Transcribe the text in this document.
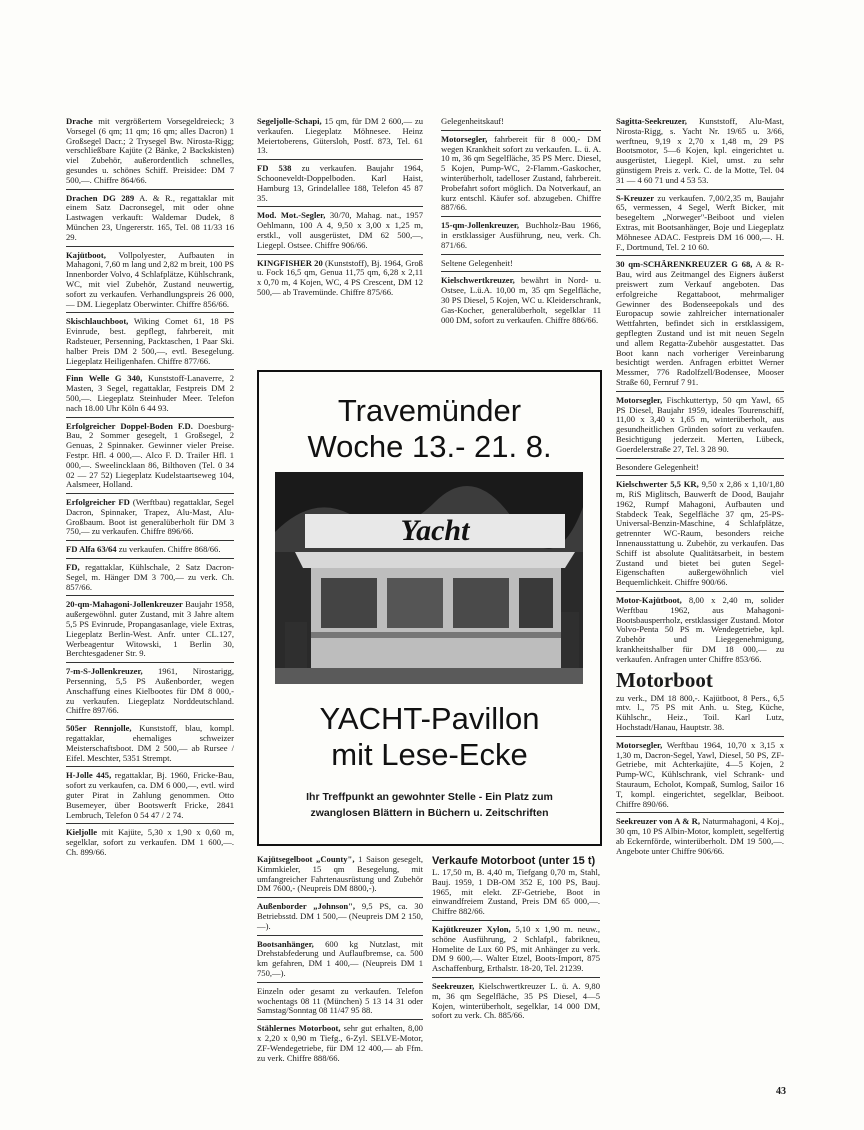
Drache mit vergrößertem Vorsegeldreieck; 3 Vorsegel (6 qm; 11 qm; 16 qm; alles Dacron) 1 Großsegel Dacr.; 2 Trysegel Bw. Nirosta-Rigg; verschließbare Kajüte (2 Bänke, 2 Backskisten) viel Zubehör, außerordentlich schnelles, gesundes u. schönes Schiff. Preisidee: DM 7 500,—. Chiffre 864/66.
Drachen DG 289 A. & R., regattaklar mit einem Satz Dacronsegel, mit oder ohne Lastwagen verkauft: Waldemar Dudek, 8 München 23, Ungererstr. 165, Tel. 08 11/33 16 29.
Kajütboot, Vollpolyester, Aufbauten in Mahagoni, 7,60 m lang und 2,82 m breit, 100 PS Innenborder Volvo, 4 Schlafplätze, Kühlschrank, WC, mit viel Zubehör, Zustand neuwertig, sofort zu verkaufen. Verhandlungspreis 26 000,— DM. Liegeplatz Oberwinter. Chiffre 856/66.
Skischlauchboot, Wiking Comet 61, 18 PS Evinrude, best. gepflegt, fahrbereit, mit Radsteuer, Persenning, Packtaschen, 1 Paar Ski. halber Preis DM 2 500,—, evtl. Besegelung. Liegeplatz Heiligenhafen. Chiffre 877/66.
Finn Welle G 340, Kunststoff-Lanaverre, 2 Masten, 3 Segel, regattaklar, Festpreis DM 2 500,—. Liegeplatz Steinhuder Meer. Telefon nach 18.00 Uhr Köln 6 44 93.
Erfolgreicher Doppel-Boden F.D. Doesburg-Bau, 2 Sommer gesegelt, 1 Großsegel, 2 Genuas, 2 Spinnaker. Gewinner vieler Preise. Festpr. Hfl. 4 000,—. Alco F. D. Trailer Hfl. 1 000,—. Sweelincklaan 86, Bilthoven (Tel. 0 34 02 — 27 52) Liegeplatz Kudelstaartseweg 104, Aalsmeer, Holland.
Erfolgreicher FD (Werftbau) regattaklar, Segel Dacron, Spinnaker, Trapez, Alu-Mast, Alu-Großbaum. Boot ist generalüberholt für DM 3 750,— zu verkaufen. Chiffre 896/66.
FD Alfa 63/64 zu verkaufen. Chiffre 868/66.
FD, regattaklar, Kühlschale, 2 Satz Dacron-Segel, m. Hänger DM 3 700,— zu verk. Ch. 857/66.
20-qm-Mahagoni-Jollenkreuzer Baujahr 1958, außergewöhnl. guter Zustand, mit 3 Jahre altem 5,5 PS Evinrude, Propangasanlage, viele Extras, Liegeplatz Berlin-West. Anfr. unter CL.127, Werbeagentur Witowski, 1 Berlin 30, Berchtesgadener Str. 9.
7-m-S-Jollenkreuzer, 1961, Nirostarigg, Persenning, 5,5 PS Außenborder, wegen Anschaffung eines Kielbootes für DM 8 000,- zu verkaufen. Liegeplatz Norddeutschland. Chiffre 897/66.
505er Rennjolle, Kunststoff, blau, kompl. regattaklar, ehemaliges schweizer Meisterschaftsboot. DM 2 500,— ab Rursee / Eifel. Meschter, 5351 Strempt.
H-Jolle 445, regattaklar, Bj. 1960, Fricke-Bau, sofort zu verkaufen, ca. DM 6 000,—, evtl. wird guter Pirat in Zahlung genommen. Otto Busemeyer, über Bootswerft Fricke, 2841 Lembruch, Telefon 0 54 47 / 2 74.
Kieljolle mit Kajüte, 5,30 x 1,90 x 0,60 m, segelklar, sofort zu verkaufen. DM 1 600,—. Ch. 899/66.
Segeljolle-Schapi, 15 qm, für DM 2 600,— zu verkaufen. Liegeplatz Möhnesee. Heinz Meiertoberens, Gütersloh, Postf. 873, Tel. 61 13.
FD 538 zu verkaufen. Baujahr 1964, Schooneveldt-Doppelboden. Karl Haist, Hamburg 13, Grindelallee 188, Telefon 45 87 35.
Mod. Mot.-Segler, 30/70, Mahag. nat., 1957 Oehlmann, 100 A 4, 9,50 x 3,00 x 1,25 m, erstkl., voll ausgerüstet, DM 62 500,—, Liegepl. Ostsee. Chiffre 906/66.
KINGFISHER 20 (Kunststoff), Bj. 1964, Groß u. Fock 16,5 qm, Genua 11,75 qm, 6,28 x 2,11 x 0,70 m, 4 Kojen, WC, 4 PS Crescent, DM 12 500,— ab Travemünde. Chiffre 875/66.
Gelegenheitskauf!
Motorsegler, fahrbereit für 8 000,- DM wegen Krankheit sofort zu verkaufen. L. ü. A. 10 m, 36 qm Segelfläche, 35 PS Merc. Diesel, 5 Kojen, Pump-WC, 2-Flamm.-Gaskocher, winterüberholt, tadelloser Zustand, fahrbereit. Probefahrt sofort möglich. Da Notverkauf, an kurz entschl. Käufer sof. abzugeben. Chiffre 887/66.
15-qm-Jollenkreuzer, Buchholz-Bau 1966, in erstklassiger Ausführung, neu, verk. Ch. 871/66.
Seltene Gelegenheit!
Kielschwertkreuzer, bewährt in Nord- u. Ostsee, L.ü.A. 10,00 m, 35 qm Segelfläche, 30 PS Diesel, 5 Kojen, WC u. Kleiderschrank, Gas-Kocher, generalüberholt, segelklar 11 000 DM, sofort zu verkaufen. Chiffre 886/66.
Sagitta-Seekreuzer, Kunststoff, Alu-Mast, Nirosta-Rigg, s. Yacht Nr. 19/65 u. 3/66, werftneu, 9,19 x 2,70 x 1,48 m, 29 PS Bootsmotor, 5—6 Kojen, kpl. eingerichtet u. ausgerüstet, Liegepl. Kiel, umst. zu sehr günstigem Preis z. verk. C. de la Motte, Tel. 04 31 — 4 60 71 und 4 53 53.
S-Kreuzer zu verkaufen. 7,00/2,35 m, Baujahr 65, vermessen, 4 Segel, Werft Bicker, mit besegeltem „Norweger"-Beiboot und vielen Extras, mit Bootsanhänger, Boje und Liegeplatz Möhnesee ADAC. Festpreis DM 16 000,—. H. F., Dortmund, Tel. 2 10 60.
30 qm-SCHÄRENKREUZER G 68, A & R-Bau, wird aus Zeitmangel des Eigners äußerst preiswert zum Verkauf angeboten. Das erfolgreiche Regattaboot, mehrmaliger Gewinner des Bodenseepokals und des Europacup sowie zahlreicher internationaler Wettfahrten, befindet sich in erstklassigem, gepflegten Zustand und ist mit neuen Segeln und allem Regatta-Zubehör ausgestattet. Das Boot kann nach vorheriger Vereinbarung besichtigt werden. Anfragen erbittet Werner Messmer, 776 Radolfzell/Bodensee, Mooser Straße 60, Fernruf 7 91.
Motorsegler, Fischkuttertyp, 50 qm Yawl, 65 PS Diesel, Baujahr 1959, ideales Tourenschiff, 11,00 x 3,40 x 1,65 m, winterüberholt, aus gesundheitlichen Gründen sofort zu verkaufen. Besichtigung jederzeit. Merten, Lübeck, Goerdelerstraße 27, Tel. 3 28 90.
Besondere Gelegenheit!
Kielschwerter 5,5 KR, 9,50 x 2,86 x 1,10/1,80 m, RiS Miglitsch, Bauwerft de Dood, Baujahr 1962, Rumpf Mahagoni, Aufbauten und Stabdeck Teak, Segelfläche 37 qm, 25-PS-Universal-Benzin-Maschine, 4 Schlafplätze, getrennter WC-Raum, besonders reiche Innenausstattung u. Zubehör, zu verkaufen. Das Schiff ist absolute Qualitätsarbeit, in bestem Zustand und bietet bei guten Segel-Eigenschaften außergewöhnlich viel Bequemlichkeit. Chiffre 900/66.
Motor-Kajütboot, 8,00 x 2,40 m, solider Werftbau 1962, aus Mahagoni-Bootsbausperrholz, erstklassiger Zustand. Motor Volvo-Penta 50 PS m. Wendegetriebe, kpl. Zubehör und Liegegenehmigung, krankheitshalber für DM 18 000,— zu verkaufen. Anfragen unter Chiffre 853/66.
Motorboot
zu verk., DM 18 800,-. Kajütboot, 8 Pers., 6,5 mtv. l., 75 PS mit Anh. u. Steg, Küche, Kühlschr., Heiz., Toil. Karl Lutz, Hochstadt/Hanau, Hauptstr. 38.
Motorsegler, Werftbau 1964, 10,70 x 3,15 x 1,30 m, Dacron-Segel, Yawl, Diesel, 50 PS, ZF-Getriebe, mit Achterkajüte, 4—5 Kojen, 2 Pump-WC, Kühlschrank, viel Schrank- und Stauraum, Echolot, Kompaß, Sumlog, Sailor 16 T, kompl. eingerichtet, segelklar, Beiboot. Chiffre 890/66.
Seekreuzer von A & R, Naturmahagoni, 4 Koj., 30 qm, 10 PS Albin-Motor, komplett, segelfertig ab Eckernförde, winterüberholt. DM 19 500,—. Angebote unter Chiffre 906/66.
Travemünder
Woche 13.- 21. 8.
Yacht
YACHT-Pavillon
mit Lese-Ecke
Ihr Treffpunkt an gewohnter Stelle - Ein Platz zum
zwanglosen Blättern in Büchern u. Zeitschriften
Kajütsegelboot „County", 1 Saison gesegelt, Kimmkieler, 15 qm Besegelung, mit umfangreicher Fahrtenausrüstung und Zubehör DM 7600,- (Neupreis DM 8800,-).
Außenborder „Johnson", 9,5 PS, ca. 30 Betriebsstd. DM 1 500,— (Neupreis DM 2 150,—).
Bootsanhänger, 600 kg Nutzlast, mit Drehstabfederung und Auflaufbremse, ca. 500 km gefahren, DM 1 400,— (Neupreis DM 1 750,—).
Einzeln oder gesamt zu verkaufen. Telefon wochentags 08 11 (München) 5 13 14 31 oder Samstag/Sonntag 08 11/47 95 88.
Stählernes Motorboot, sehr gut erhalten, 8,00 x 2,20 x 0,90 m Tiefg., 6-Zyl. SELVE-Motor, ZF-Wendegetriebe, für DM 12 400,— ab Ffm. zu verk. Chiffre 888/66.
Verkaufe Motorboot (unter 15 t)
L. 17,50 m, B. 4,40 m, Tiefgang 0,70 m, Stahl, Bauj. 1959, 1 DB-OM 352 E, 100 PS, Bauj. 1965, mit elekt. ZF-Getriebe, Boot in einwandfreiem Zustand, Preis DM 65 000,—. Chiffre 882/66.
Kajütkreuzer Xylon, 5,10 x 1,90 m. neuw., schöne Ausführung, 2 Schlafpl., fabrikneu, Homelite de Lux 60 PS, mit Anhänger zu verk. DM 9 600,—. Walter Etzel, Boots-Import, 875 Aschaffenburg, Erthalstr. 18-20, Tel. 21239.
Seekreuzer, Kielschwertkreuzer L. ü. A. 9,80 m, 36 qm Segelfläche, 35 PS Diesel, 4—5 Kojen, winterüberholt, segelklar, 14 000 DM, sofort zu verk. Ch. 885/66.
43
